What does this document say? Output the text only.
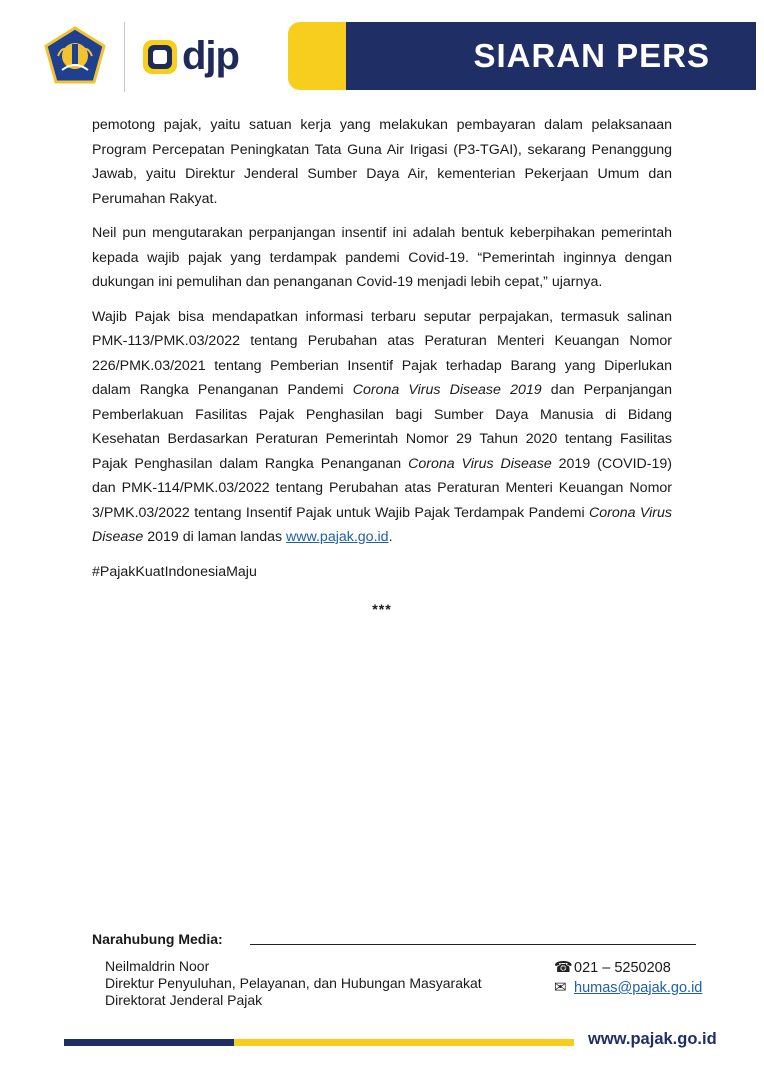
djp	SIARAN PERS

pemotong pajak, yaitu satuan kerja yang melakukan pembayaran dalam pelaksanaan Program Percepatan Peningkatan Tata Guna Air Irigasi (P3-TGAI), sekarang Penanggung Jawab, yaitu Direktur Jenderal Sumber Daya Air, kementerian Pekerjaan Umum dan Perumahan Rakyat.

Neil pun mengutarakan perpanjangan insentif ini adalah bentuk keberpihakan pemerintah kepada wajib pajak yang terdampak pandemi Covid-19. “Pemerintah inginnya dengan dukungan ini pemulihan dan penanganan Covid-19 menjadi lebih cepat,” ujarnya.

Wajib Pajak bisa mendapatkan informasi terbaru seputar perpajakan, termasuk salinan PMK-113/PMK.03/2022 tentang Perubahan atas Peraturan Menteri Keuangan Nomor 226/PMK.03/2021 tentang Pemberian Insentif Pajak terhadap Barang yang Diperlukan dalam Rangka Penanganan Pandemi Corona Virus Disease 2019 dan Perpanjangan Pemberlakuan Fasilitas Pajak Penghasilan bagi Sumber Daya Manusia di Bidang Kesehatan Berdasarkan Peraturan Pemerintah Nomor 29 Tahun 2020 tentang Fasilitas Pajak Penghasilan dalam Rangka Penanganan Corona Virus Disease 2019 (COVID-19) dan PMK-114/PMK.03/2022 tentang Perubahan atas Peraturan Menteri Keuangan Nomor 3/PMK.03/2022 tentang Insentif Pajak untuk Wajib Pajak Terdampak Pandemi Corona Virus Disease 2019 di laman landas www.pajak.go.id.

#PajakKuatIndonesiaMaju
***
Narahubung Media:
Neilmaldrin Noor
Direktur Penyuluhan, Pelayanan, dan Hubungan Masyarakat
Direktorat Jenderal Pajak
☎ 021 – 5250208
✉ humas@pajak.go.id
www.pajak.go.id
